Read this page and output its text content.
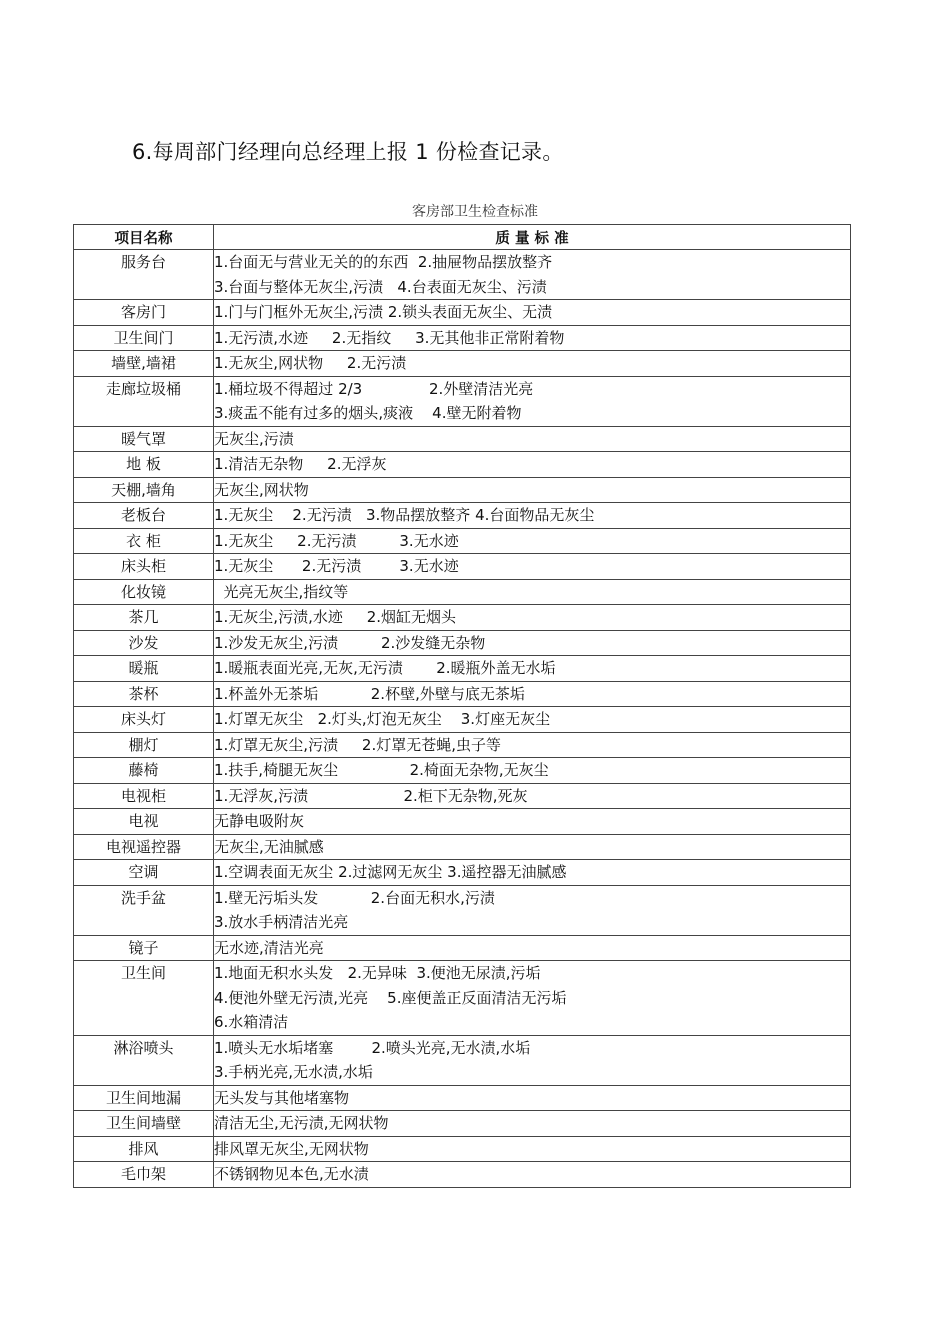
6.每周部门经理向总经理上报 1 份检查记录。
客房部卫生检查标准
项目名称	质 量 标 准

服务台	1.台面无与营业无关的的东西  2.抽屉物品摆放整齐
3.台面与整体无灰尘,污渍   4.台表面无灰尘、污渍

客房门	1.门与门框外无灰尘,污渍 2.锁头表面无灰尘、无渍

卫生间门	1.无污渍,水迹     2.无指纹     3.无其他非正常附着物

墙壁,墙裙	1.无灰尘,网状物     2.无污渍

走廊垃圾桶	1.桶垃圾不得超过 2/3              2.外壁清洁光亮
3.痰盂不能有过多的烟头,痰液    4.壁无附着物

暖气罩	无灰尘,污渍

地 板	1.清洁无杂物     2.无浮灰

天棚,墙角	无灰尘,网状物

老板台	1.无灰尘    2.无污渍   3.物品摆放整齐 4.台面物品无灰尘

衣 柜	1.无灰尘     2.无污渍         3.无水迹

床头柜	1.无灰尘      2.无污渍        3.无水迹

化妆镜	光亮无灰尘,指纹等

茶几	1.无灰尘,污渍,水迹     2.烟缸无烟头

沙发	1.沙发无灰尘,污渍         2.沙发缝无杂物

暖瓶	1.暖瓶表面光亮,无灰,无污渍       2.暖瓶外盖无水垢

茶杯	1.杯盖外无茶垢           2.杯壁,外壁与底无茶垢

床头灯	1.灯罩无灰尘   2.灯头,灯泡无灰尘    3.灯座无灰尘

棚灯	1.灯罩无灰尘,污渍     2.灯罩无苍蝇,虫子等

藤椅	1.扶手,椅腿无灰尘               2.椅面无杂物,无灰尘

电视柜	1.无浮灰,污渍                    2.柜下无杂物,死灰

电视	无静电吸附灰

电视遥控器	无灰尘,无油腻感

空调	1.空调表面无灰尘 2.过滤网无灰尘 3.遥控器无油腻感

洗手盆	1.壁无污垢头发           2.台面无积水,污渍
3.放水手柄清洁光亮

镜子	无水迹,清洁光亮

卫生间	1.地面无积水头发   2.无异味  3.便池无尿渍,污垢
4.便池外壁无污渍,光亮    5.座便盖正反面清洁无污垢
6.水箱清洁

淋浴喷头	1.喷头无水垢堵塞        2.喷头光亮,无水渍,水垢
3.手柄光亮,无水渍,水垢

卫生间地漏	无头发与其他堵塞物

卫生间墙壁	清洁无尘,无污渍,无网状物

排风	排风罩无灰尘,无网状物

毛巾架	不锈钢物见本色,无水渍
